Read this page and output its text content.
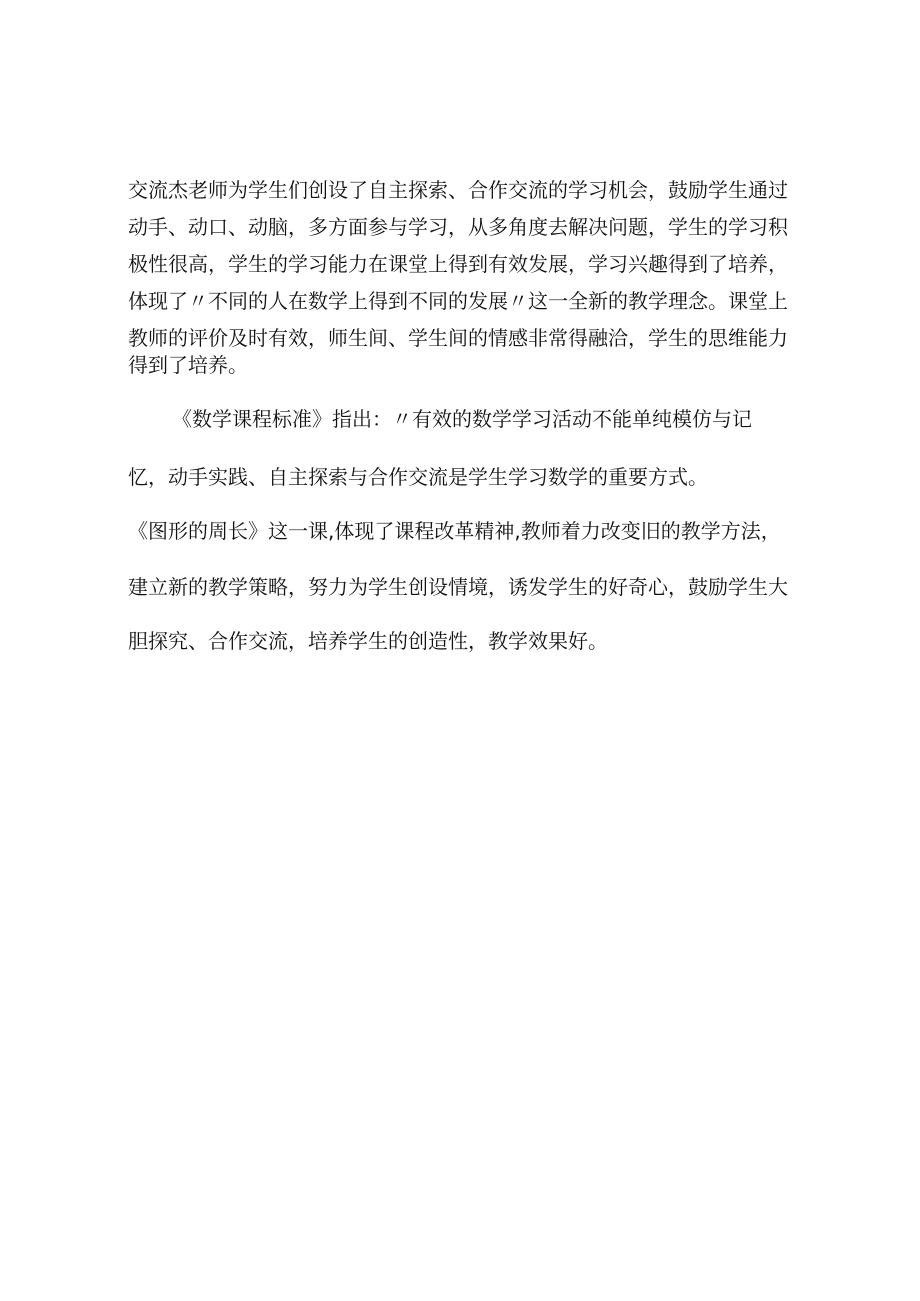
交流杰老师为学生们创设了自主探索、合作交流的学习机会，鼓励学生通过

动手、动口、动脑，多方面参与学习，从多角度去解决问题，学生的学习积

极性很高，学生的学习能力在课堂上得到有效发展，学习兴趣得到了培养，

体现了〃不同的人在数学上得到不同的发展〃这一全新的教学理念。课堂上

教师的评价及时有效，师生间、学生间的情感非常得融洽，学生的思维能力

得到了培养。

《数学课程标准》指出：〃有效的数学学习活动不能单纯模仿与记

忆，动手实践、自主探索与合作交流是学生学习数学的重要方式。

《图形的周长》这一课,体现了课程改革精神,教师着力改变旧的教学方法，

建立新的教学策略，努力为学生创设情境，诱发学生的好奇心，鼓励学生大

胆探究、合作交流，培养学生的创造性，教学效果好。
